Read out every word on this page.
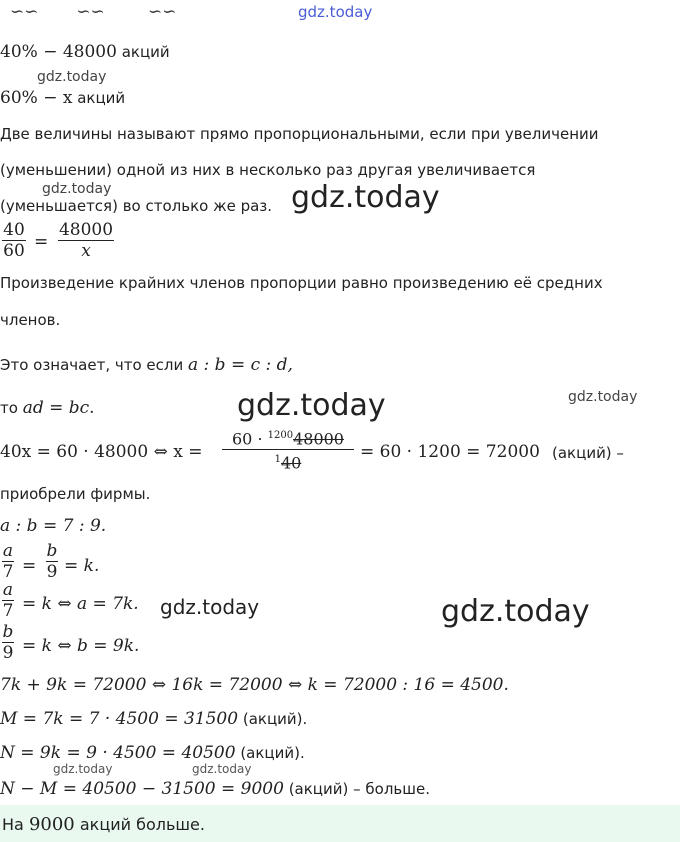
∽∽       ∽∽        ∽∽	gdz.today
40% − 48000 акций
gdz.today
60% − x акций
Две величины называют прямо пропорциональными, если при увеличении
(уменьшении) одной из них в несколько раз другая увеличивается
gdz.today
(уменьшается) во столько же раз. gdz.today
40
60 =
48000
x
Произведение крайних членов пропорции равно произведению её средних
членов.
Это означает, что если a : b = c : d,
то ad = bc.	gdz.today	gdz.today
40x = 60 · 48000 ⇔ x =
60 · $^{1200}$48000
$^1$40
= 60 · 1200 = 72000 (акций) –
приобрели фирмы.
a : b = 7 : 9.
a
7 =
b
9 = k.
a
7 = k ⇔ a = 7k. gdz.today	gdz.today
b
9 = k ⇔ b = 9k.
7k + 9k = 72000 ⇔ 16k = 72000 ⇔ k = 72000 : 16 = 4500.
M = 7k = 7 · 4500 = 31500 (акций).
N = 9k = 9 · 4500 = 40500 (акций).
gdz.today	gdz.today
N − M = 40500 − 31500 = 9000 (акций) – больше.
На 9000 акций больше.
